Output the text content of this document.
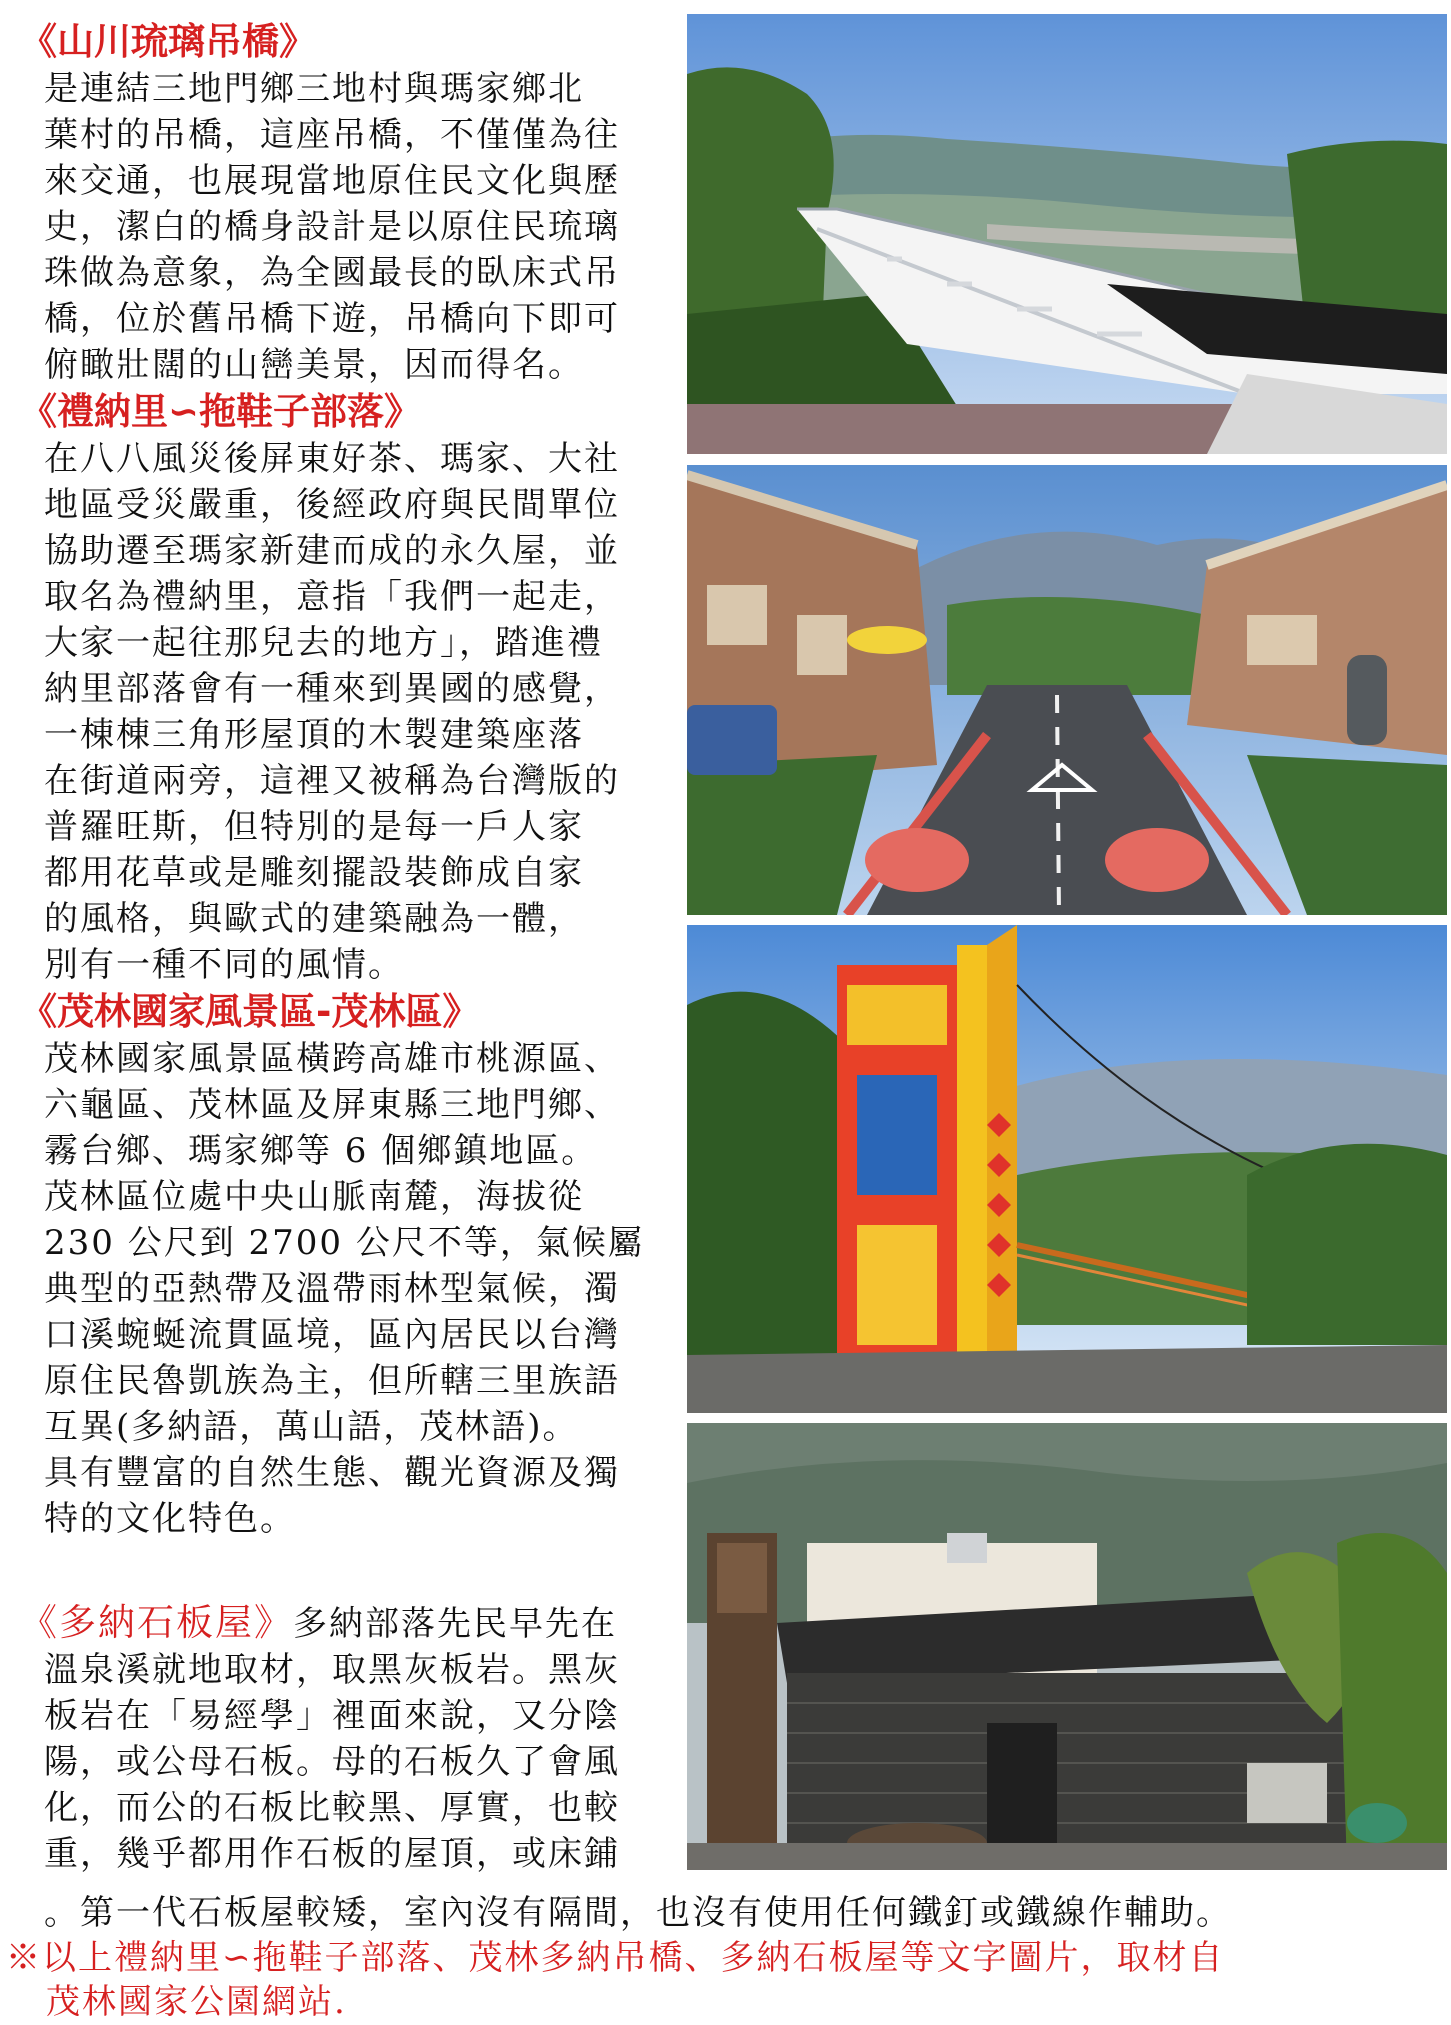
《山川琉璃吊橋》

是連結三地門鄉三地村與瑪家鄉北

葉村的吊橋，這座吊橋，不僅僅為往

來交通，也展現當地原住民文化與歷

史，潔白的橋身設計是以原住民琉璃

珠做為意象，為全國最長的臥床式吊

橋，位於舊吊橋下遊，吊橋向下即可

俯瞰壯闊的山巒美景，因而得名。

《禮納里∽拖鞋子部落》

在八八風災後屏東好茶、瑪家、大社

地區受災嚴重，後經政府與民間單位

協助遷至瑪家新建而成的永久屋，並

取名為禮納里，意指「我們一起走，

大家一起往那兒去的地方」，踏進禮

納里部落會有一種來到異國的感覺，

一棟棟三角形屋頂的木製建築座落

在街道兩旁，這裡又被稱為台灣版的

普羅旺斯，但特別的是每一戶人家

都用花草或是雕刻擺設裝飾成自家

的風格，與歐式的建築融為一體，

別有一種不同的風情。

《茂林國家風景區-茂林區》

茂林國家風景區橫跨高雄市桃源區、

六龜區、茂林區及屏東縣三地門鄉、

霧台鄉、瑪家鄉等 6 個鄉鎮地區。

茂林區位處中央山脈南麓，海拔從

230 公尺到 2700 公尺不等，氣候屬

典型的亞熱帶及溫帶雨林型氣候，濁

口溪蜿蜒流貫區境，區內居民以台灣

原住民魯凱族為主，但所轄三里族語

互異(多納語，萬山語，茂林語)。

具有豐富的自然生態、觀光資源及獨

特的文化特色。

《多納石板屋》多納部落先民早先在

溫泉溪就地取材，取黑灰板岩。黑灰

板岩在「易經學」裡面來說，又分陰

陽，或公母石板。母的石板久了會風

化，而公的石板比較黑、厚實，也較

重，幾乎都用作石板的屋頂，或床鋪

。第一代石板屋較矮，室內沒有隔間，也沒有使用任何鐵釘或鐵線作輔助。

※以上禮納里∽拖鞋子部落、茂林多納吊橋、多納石板屋等文字圖片，取材自

茂林國家公園網站.
